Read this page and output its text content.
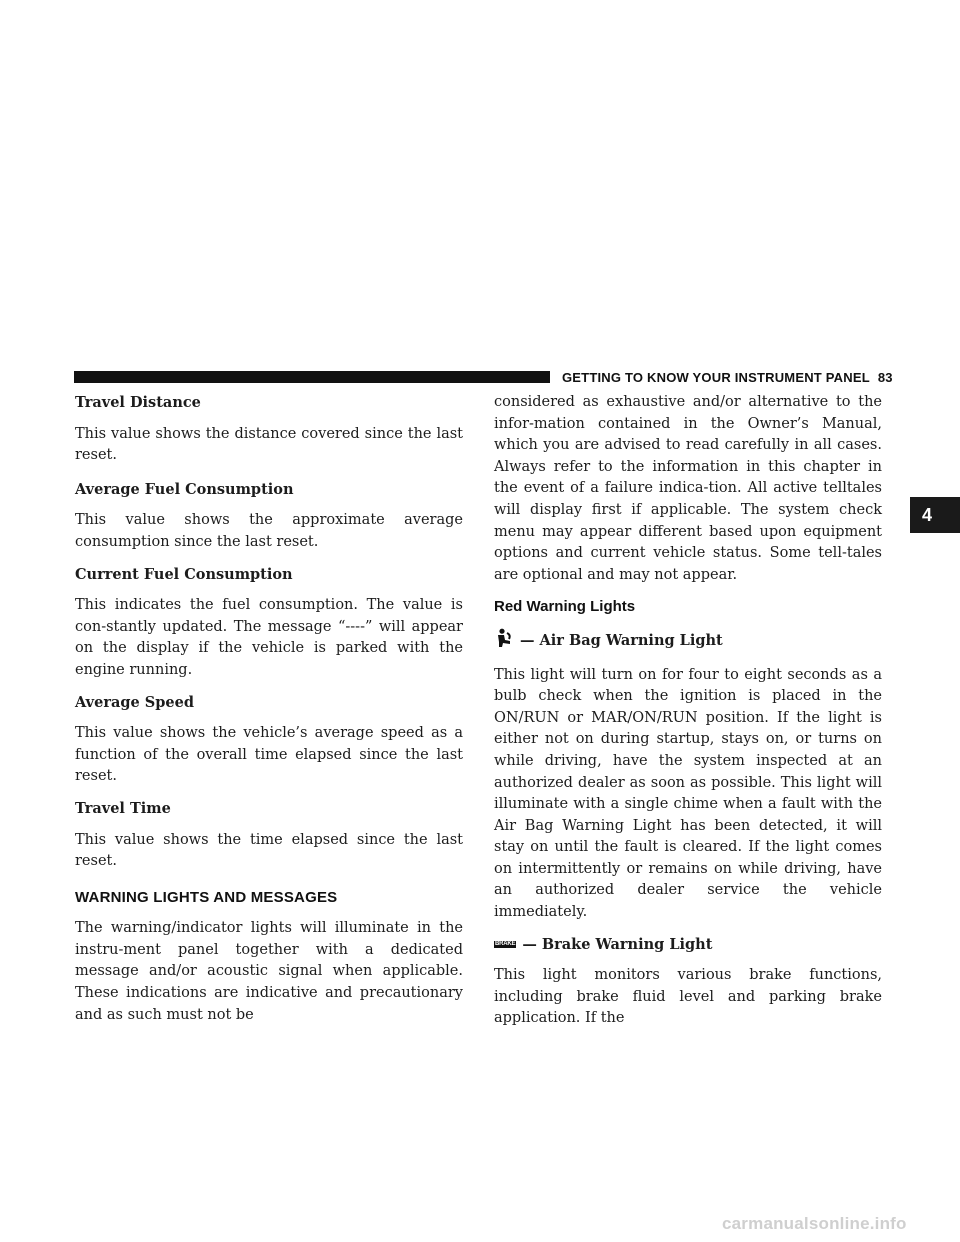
GETTING TO KNOW YOUR INSTRUMENT PANEL 83
4

Travel Distance

This value shows the distance covered since the last reset.

Average Fuel Consumption

This value shows the approximate average consumption since the last reset.

Current Fuel Consumption

This indicates the fuel consumption. The value is con-stantly updated. The message “----” will appear on the display if the vehicle is parked with the engine running.

Average Speed

This value shows the vehicle’s average speed as a function of the overall time elapsed since the last reset.

Travel Time

This value shows the time elapsed since the last reset.

WARNING LIGHTS AND MESSAGES

The warning/indicator lights will illuminate in the instru-ment panel together with a dedicated message and/or acoustic signal when applicable. These indications are indicative and precautionary and as such must not be

considered as exhaustive and/or alternative to the infor-mation contained in the Owner’s Manual, which you are advised to read carefully in all cases. Always refer to the information in this chapter in the event of a failure indica-tion. All active telltales will display first if applicable. The system check menu may appear different based upon equipment options and current vehicle status. Some tell-tales are optional and may not appear.

Red Warning Lights
— Air Bag Warning Light

This light will turn on for four to eight seconds as a bulb check when the ignition is placed in the ON/RUN or MAR/ON/RUN position. If the light is either not on during startup, stays on, or turns on while driving, have the system inspected at an authorized dealer as soon as possible. This light will illuminate with a single chime when a fault with the Air Bag Warning Light has been detected, it will stay on until the fault is cleared. If the light comes on intermittently or remains on while driving, have an authorized dealer service the vehicle immediately.

BRAKE — Brake Warning Light

This light monitors various brake functions, including brake fluid level and parking brake application. If the

carmanualsonline.info
